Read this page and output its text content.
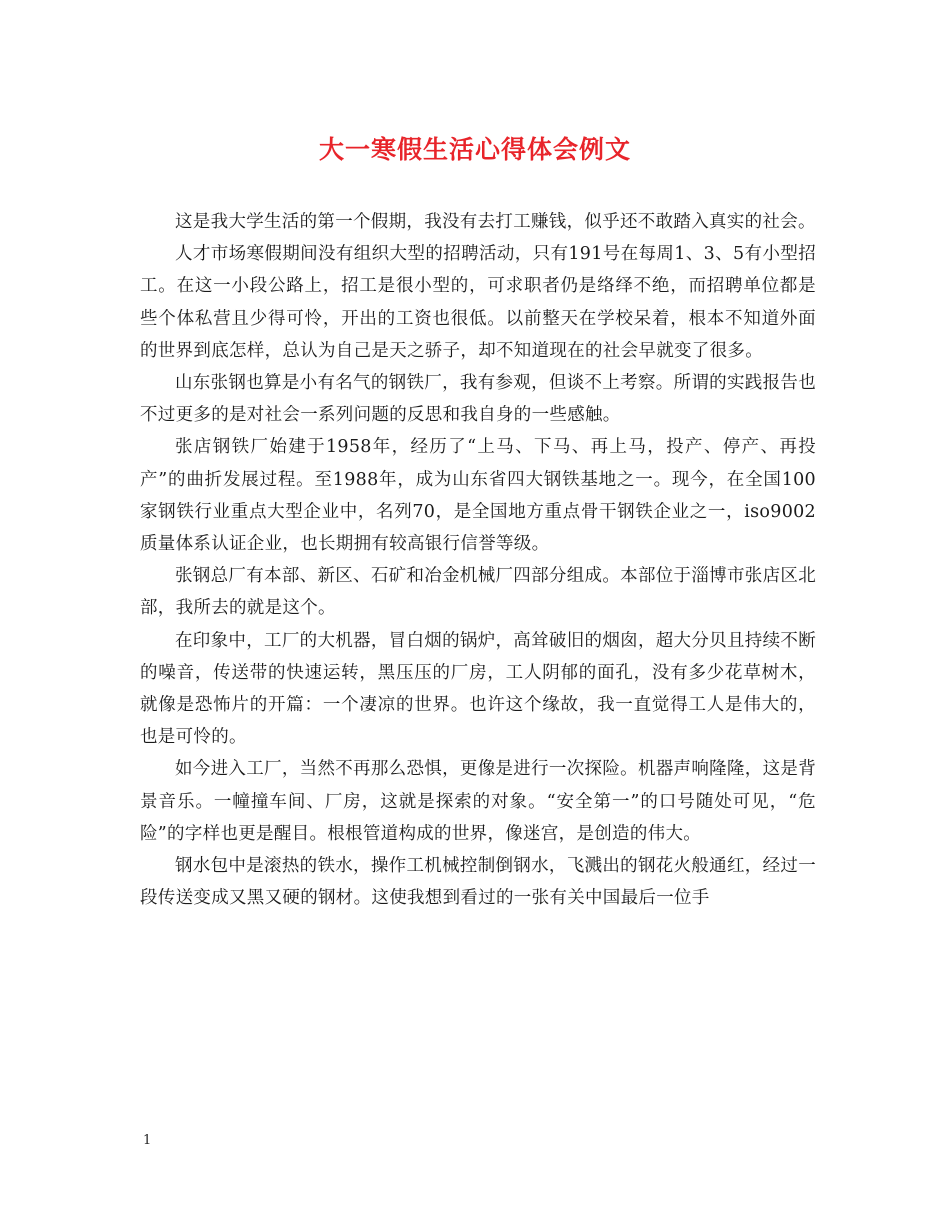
大一寒假生活心得体会例文

这是我大学生活的第一个假期，我没有去打工赚钱，似乎还不敢踏入真实的社会。

人才市场寒假期间没有组织大型的招聘活动，只有191号在每周1、3、5有小型招工。在这一小段公路上，招工是很小型的，可求职者仍是络绎不绝，而招聘单位都是些个体私营且少得可怜，开出的工资也很低。以前整天在学校呆着，根本不知道外面的世界到底怎样，总认为自己是天之骄子，却不知道现在的社会早就变了很多。

山东张钢也算是小有名气的钢铁厂，我有参观，但谈不上考察。所谓的实践报告也不过更多的是对社会一系列问题的反思和我自身的一些感触。

张店钢铁厂始建于1958年，经历了“上马、下马、再上马，投产、停产、再投产”的曲折发展过程。至1988年，成为山东省四大钢铁基地之一。现今，在全国100家钢铁行业重点大型企业中，名列70，是全国地方重点骨干钢铁企业之一，iso9002质量体系认证企业，也长期拥有较高银行信誉等级。

张钢总厂有本部、新区、石矿和冶金机械厂四部分组成。本部位于淄博市张店区北部，我所去的就是这个。

在印象中，工厂的大机器，冒白烟的锅炉，高耸破旧的烟囱，超大分贝且持续不断的噪音，传送带的快速运转，黑压压的厂房，工人阴郁的面孔，没有多少花草树木，就像是恐怖片的开篇：一个凄凉的世界。也许这个缘故，我一直觉得工人是伟大的，也是可怜的。

如今进入工厂，当然不再那么恐惧，更像是进行一次探险。机器声响隆隆，这是背景音乐。一幢撞车间、厂房，这就是探索的对象。“安全第一”的口号随处可见，“危险”的字样也更是醒目。根根管道构成的世界，像迷宫，是创造的伟大。

钢水包中是滚热的铁水，操作工机械控制倒钢水，飞溅出的钢花火般通红，经过一段传送变成又黑又硬的钢材。这使我想到看过的一张有关中国最后一位手

1
